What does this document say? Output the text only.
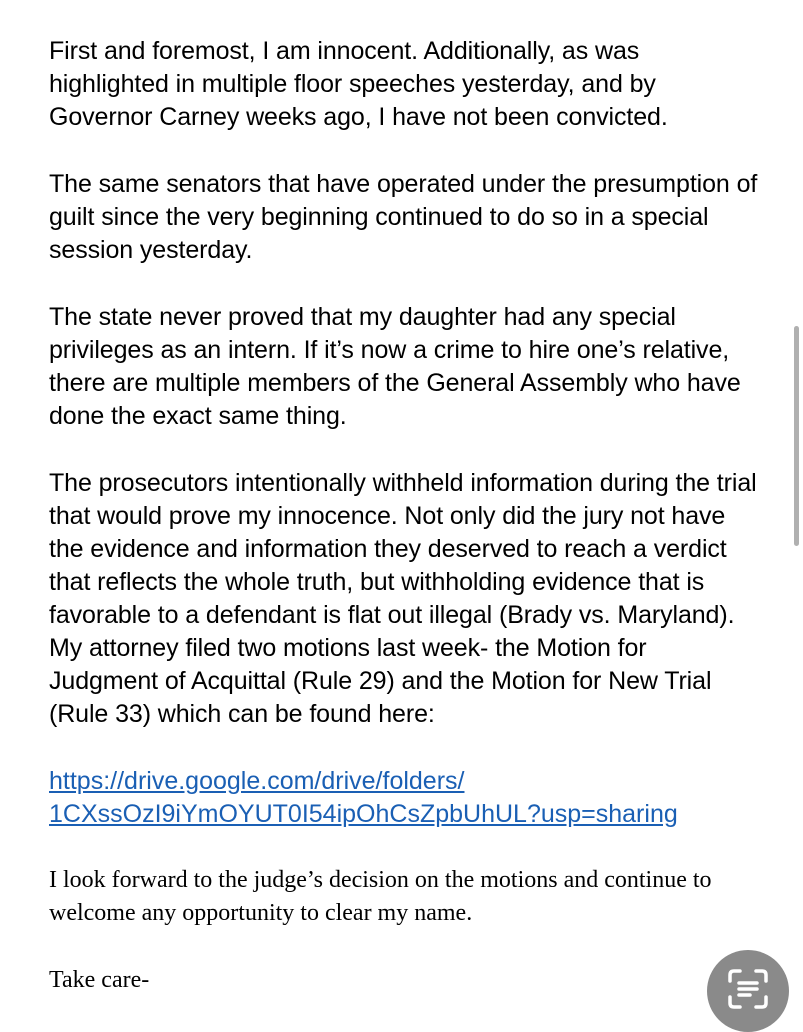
First and foremost, I am innocent. Additionally, as was highlighted in multiple floor speeches yesterday, and by Governor Carney weeks ago, I have not been convicted.

The same senators that have operated under the presumption of guilt since the very beginning continued to do so in a special session yesterday.

The state never proved that my daughter had any special privileges as an intern. If it’s now a crime to hire one’s relative, there are multiple members of the General Assembly who have done the exact same thing.

The prosecutors intentionally withheld information during the trial that would prove my innocence. Not only did the jury not have the evidence and information they deserved to reach a verdict that reflects the whole truth, but withholding evidence that is favorable to a defendant is flat out illegal (Brady vs. Maryland). My attorney filed two motions last week- the Motion for Judgment of Acquittal (Rule 29) and the Motion for New Trial (Rule 33) which can be found here:

https://drive.google.com/drive/folders/
1CXssOzI9iYmOYUT0I54ipOhCsZpbUhUL?usp=sharing

I look forward to the judge’s decision on the motions and continue to welcome any opportunity to clear my name.

Take care-
